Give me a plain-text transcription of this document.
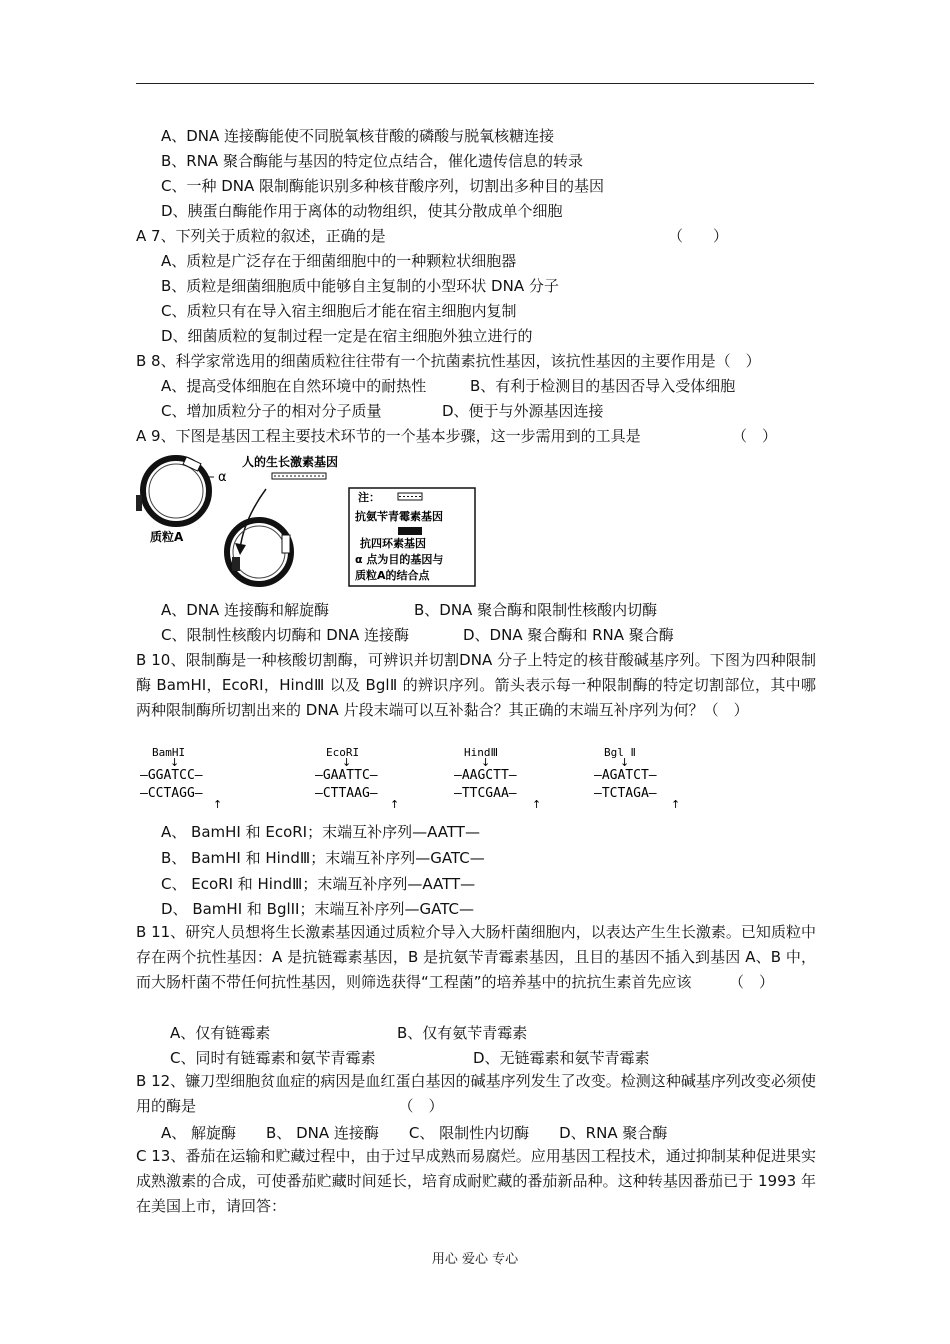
A、DNA 连接酶能使不同脱氧核苷酸的磷酸与脱氧核糖连接
B、RNA 聚合酶能与基因的特定位点结合，催化遗传信息的转录
C、一种 DNA 限制酶能识别多种核苷酸序列，切割出多种目的基因
D、胰蛋白酶能作用于离体的动物组织，使其分散成单个细胞
A 7、下列关于质粒的叙述，正确的是	（　　）
A、质粒是广泛存在于细菌细胞中的一种颗粒状细胞器
B、质粒是细菌细胞质中能够自主复制的小型环状 DNA 分子
C、质粒只有在导入宿主细胞后才能在宿主细胞内复制
D、细菌质粒的复制过程一定是在宿主细胞外独立进行的
B 8、科学家常选用的细菌质粒往往带有一个抗菌素抗性基因，该抗性基因的主要作用是（　）
A、提高受体细胞在自然环境中的耐热性	B、有利于检测目的基因否导入受体细胞
C、增加质粒分子的相对分子质量	D、便于与外源基因连接
A 9、下图是基因工程主要技术环节的一个基本步骤，这一步需用到的工具是	（　）
α
质粒A
人的生长激素基因
注：
抗氨苄青霉素基因
抗四环素基因
α 点为目的基因与
质粒A的结合点
A、DNA 连接酶和解旋酶	B、DNA 聚合酶和限制性核酸内切酶
C、限制性核酸内切酶和 DNA 连接酶	D、DNA 聚合酶和 RNA 聚合酶
B 10、限制酶是一种核酸切割酶，可辨识并切割DNA 分子上特定的核苷酸碱基序列。下图为四种限制酶 BamHI，EcoRI，HindⅢ 以及 BglⅡ 的辨识序列。箭头表示每一种限制酶的特定切割部位，其中哪两种限制酶所切割出来的 DNA 片段末端可以互补黏合？其正确的末端互补序列为何？（　）
BamHI
↓
—GGATCC—
—CCTAGG—
↑
EcoRI
↓
—GAATTC—
—CTTAAG—
↑
HindⅢ
↓
—AAGCTT—
—TTCGAA—
↑
Bgl Ⅱ
↓
—AGATCT—
—TCTAGA—
↑
A、 BamHI 和 EcoRI；末端互补序列—AATT—
B、 BamHI 和 HindⅢ；末端互补序列—GATC—
C、 EcoRI 和 HindⅢ；末端互补序列—AATT—
D、 BamHI 和 BglII；末端互补序列—GATC—
B 11、研究人员想将生长激素基因通过质粒介导入大肠杆菌细胞内，以表达产生生长激素。已知质粒中存在两个抗性基因：A 是抗链霉素基因，B 是抗氨苄青霉素基因，且目的基因不插入到基因 A、B 中，而大肠杆菌不带任何抗性基因，则筛选获得“工程菌”的培养基中的抗抗生素首先应该　　　（　）
A、仅有链霉素	B、仅有氨苄青霉素
C、同时有链霉素和氨苄青霉素	D、无链霉素和氨苄青霉素
B 12、镰刀型细胞贫血症的病因是血红蛋白基因的碱基序列发生了改变。检测这种碱基序列改变必须使用的酶是　　　　　　　　　　　　　　（　）
A、 解旋酶　　B、 DNA 连接酶　　C、 限制性内切酶　　D、RNA 聚合酶
C 13、番茄在运输和贮藏过程中，由于过早成熟而易腐烂。应用基因工程技术，通过抑制某种促进果实成熟激素的合成，可使番茄贮藏时间延长，培育成耐贮藏的番茄新品种。这种转基因番茄已于 1993 年在美国上市，请回答：
用心 爱心 专心
